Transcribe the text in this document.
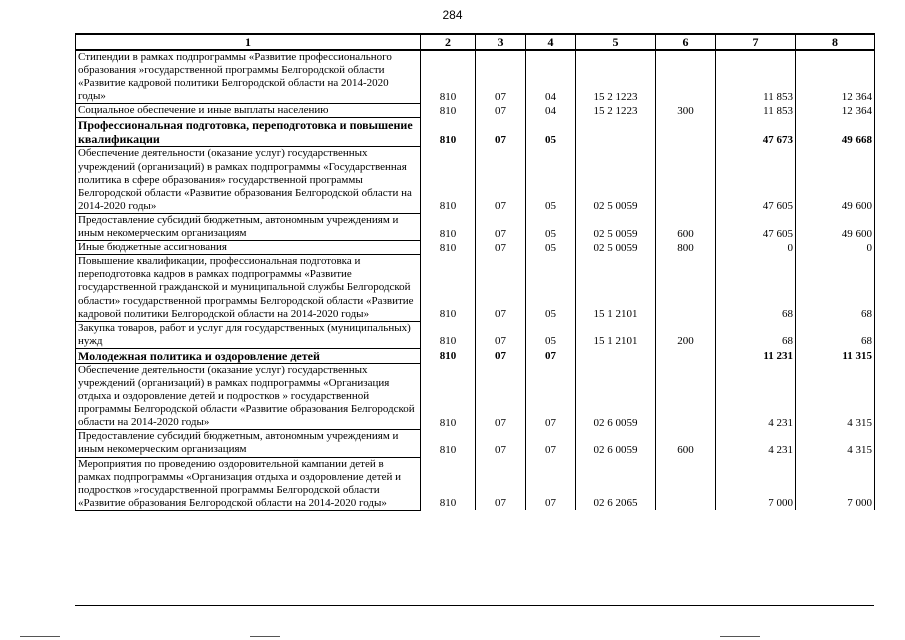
284
1	2	3	4	5	6	7	8
Стипендии в рамках подпрограммы «Развитие профессионального образования »государственной программы Белгородской области «Развитие кадровой политики Белгородской области на 2014-2020 годы»	810	07	04	15 2 1223		11 853	12 364
Социальное обеспечение и иные выплаты населению	810	07	04	15 2 1223	300	11 853	12 364
Профессиональная подготовка, переподготовка и повышение квалификации	810	07	05			47 673	49 668
Обеспечение деятельности (оказание услуг) государственных учреждений (организаций) в рамках подпрограммы «Государственная политика в сфере образования» государственной программы Белгородской области «Развитие образования Белгородской области на 2014-2020 годы»	810	07	05	02 5 0059		47 605	49 600
Предоставление субсидий бюджетным, автономным учреждениям и иным некомерческим организациям	810	07	05	02 5 0059	600	47 605	49 600
Иные бюджетные ассигнования	810	07	05	02 5 0059	800	0	0
Повышение квалификации, профессиональная подготовка и переподготовка кадров в рамках подпрограммы «Развитие государственной гражданской и муниципальной службы Белгородской области» государственной программы Белгородской области «Развитие кадровой политики Белгородской области на 2014-2020 годы»	810	07	05	15 1 2101		68	68
Закупка товаров, работ и услуг для государственных (муниципальных) нужд	810	07	05	15 1 2101	200	68	68
Молодежная политика и оздоровление детей	810	07	07			11 231	11 315
Обеспечение деятельности (оказание услуг) государственных учреждений (организаций) в рамках подпрограммы «Организация отдыха и оздоровление детей и подростков » государственной программы Белгородской области «Развитие образования Белгородской области на 2014-2020 годы»	810	07	07	02 6 0059		4 231	4 315
Предоставление субсидий бюджетным, автономным учреждениям и иным некомерческим организациям	810	07	07	02 6 0059	600	4 231	4 315
Мероприятия по проведению оздоровительной кампании детей в рамках подпрограммы «Организация отдыха и оздоровление детей и подростков »государственной программы Белгородской области «Развитие образования Белгородской области на 2014-2020 годы»	810	07	07	02 6 2065		7 000	7 000
